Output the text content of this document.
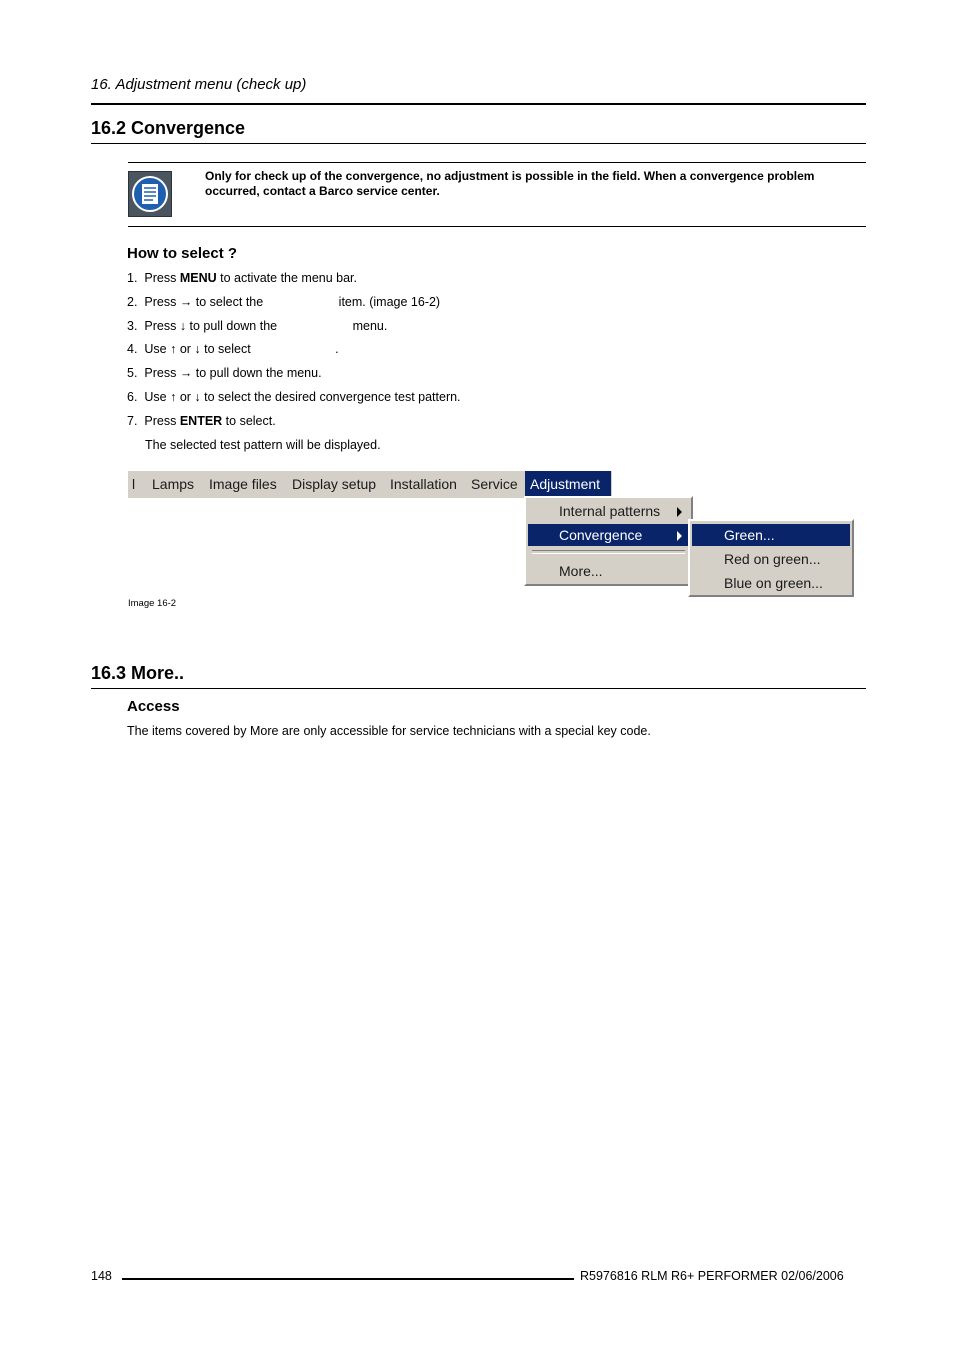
16. Adjustment menu (check up)
16.2 Convergence
Only for check up of the convergence, no adjustment is possible in the field. When a convergence problem occurred, contact a Barco service center.
How to select ?
1. Press MENU to activate the menu bar.
2. Press → to select the	item. (image 16-2)
3. Press ↓ to pull down the	menu.
4. Use ↑ or ↓ to select	.
5. Press → to pull down the menu.
6. Use ↑ or ↓ to select the desired convergence test pattern.
7. Press ENTER to select.
The selected test pattern will be displayed.
l Lamps Image files Display setup Installation Service Adjustment
Internal patterns
Convergence
More...
Green...
Red on green...
Blue on green...
Image 16-2
16.3 More..
Access
The items covered by More are only accessible for service technicians with a special key code.
148	R5976816 RLM R6+ PERFORMER 02/06/2006
